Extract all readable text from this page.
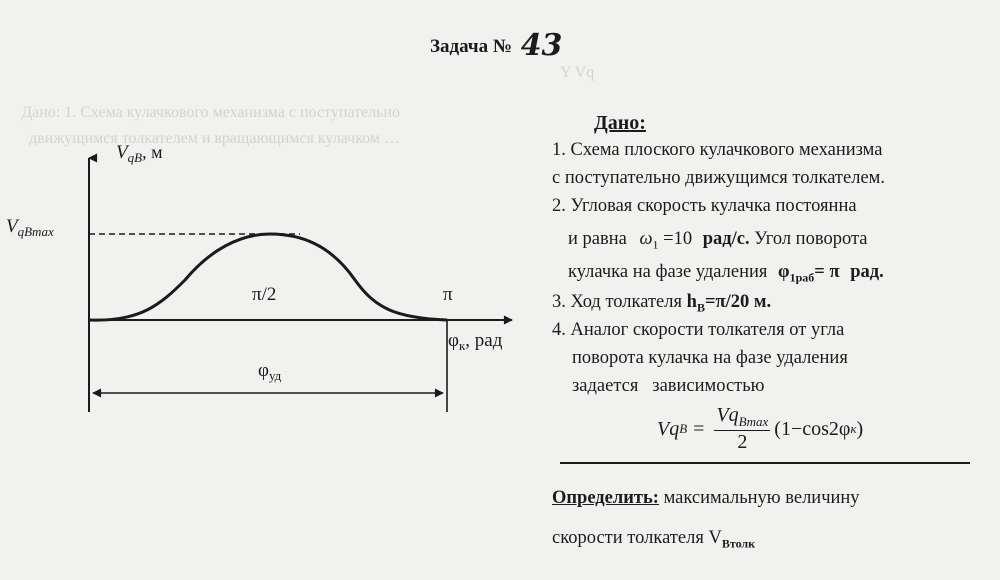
Дано: 1. Схема кулачкового механизма с поступательно движущимся толкателем и вращающимся кулачком …
Y Vq
Задача № 43
$V_{qB}$, м
$V_{qBmax}$
π/2	π
$\varphi_к$, рад
$\varphi_{уд}$
Дано:
1. Схема плоского кулачкового механизма
с поступательно движущимся толкателем.
2. Угловая скорость кулачка постоянна
и равна $\omega_1 =10$ рад/с. Угол поворота
кулачка на фазе удаления $\varphi_{1раб}= \pi$ рад.
3. Ход толкателя $h_B=\pi/20$ м.
4. Аналог скорости толкателя от угла
поворота кулачка на фазе удаления
задается   зависимостью
Vq $B = \frac{Vq_{Bmax}}{2} (1-\cos 2\varphi$ к )
Определить: максимальную величину
скорости толкателя $V_{Bтолк}$
